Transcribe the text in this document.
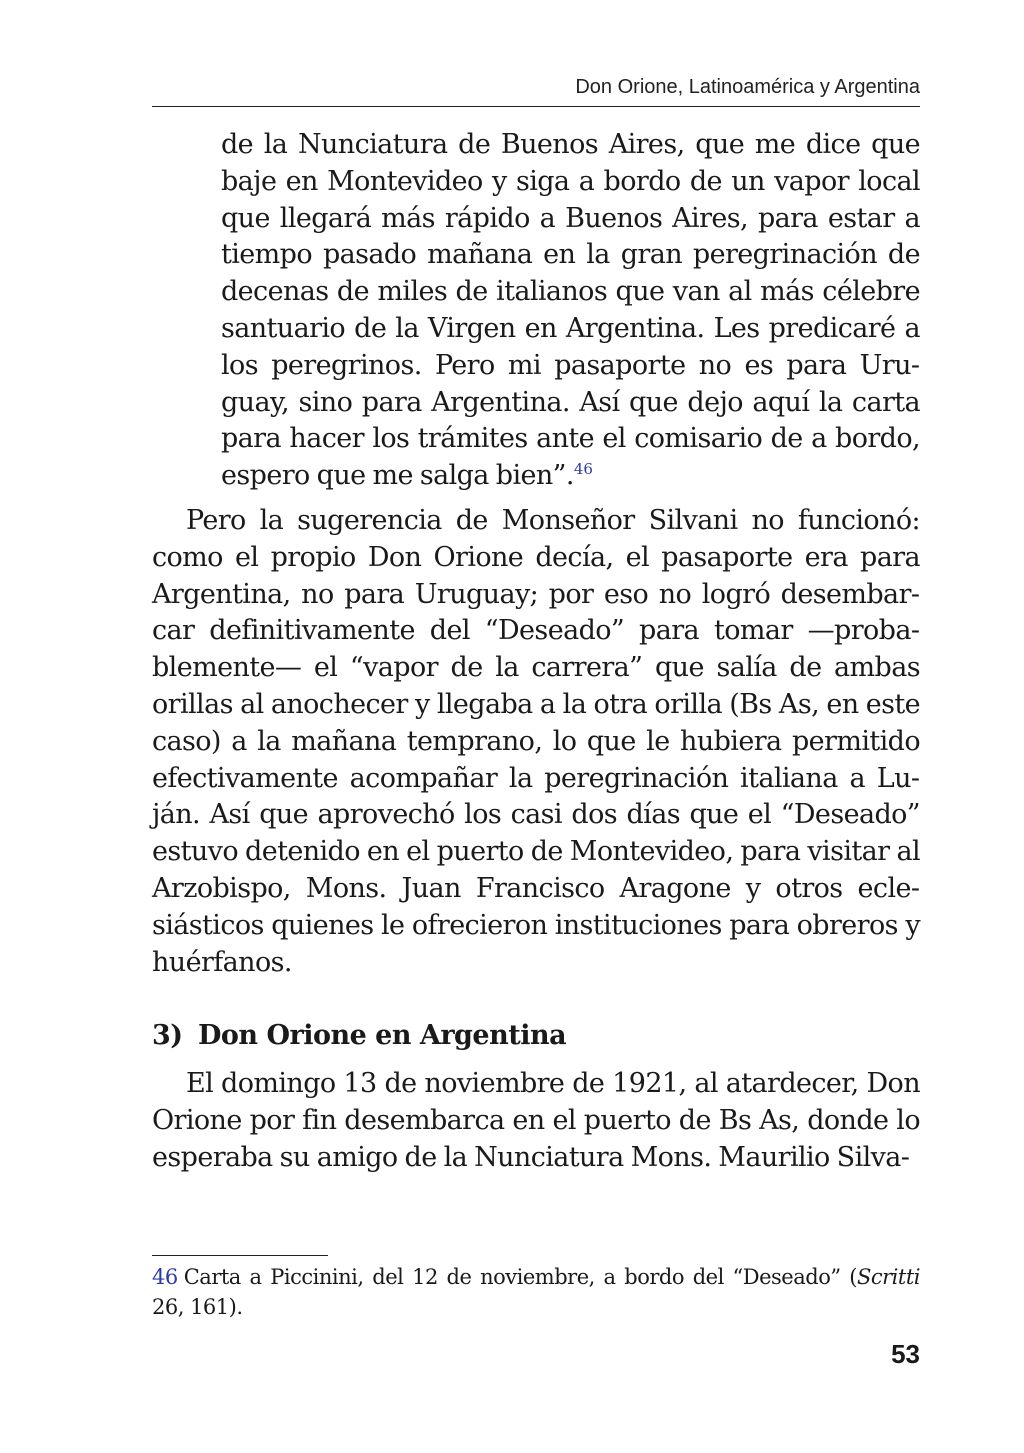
Don Orione, Latinoamérica y Argentina
de la Nunciatura de Buenos Aires, que me dice que baje en Montevideo y siga a bordo de un vapor local que llegará más rápido a Buenos Aires, para estar a tiempo pasado mañana en la gran peregrinación de decenas de miles de italianos que van al más célebre santuario de la Virgen en Argentina. Les predicaré a los peregrinos. Pero mi pasaporte no es para Uruguay, sino para Argentina. Así que dejo aquí la carta para hacer los trámites ante el comisario de a bordo, espero que me salga bien”.$^{46}$
Pero la sugerencia de Monseñor Silvani no funcionó: como el propio Don Orione decía, el pasaporte era para Argentina, no para Uruguay; por eso no logró desembarcar definitivamente del “Deseado” para tomar —probablemente— el “vapor de la carrera” que salía de ambas orillas al anochecer y llegaba a la otra orilla (Bs As, en este caso) a la mañana temprano, lo que le hubiera permitido efectivamente acompañar la peregrinación italiana a Luján. Así que aprovechó los casi dos días que el “Deseado” estuvo detenido en el puerto de Montevideo, para visitar al Arzobispo, Mons. Juan Francisco Aragone y otros eclesiásticos quienes le ofrecieron instituciones para obreros y huérfanos.
3) Don Orione en Argentina
El domingo 13 de noviembre de 1921, al atardecer, Don Orione por fin desembarca en el puerto de Bs As, donde lo esperaba su amigo de la Nunciatura Mons. Maurilio Silva-
46 Carta a Piccinini, del 12 de noviembre, a bordo del “Deseado” (Scritti 26, 161).
53
